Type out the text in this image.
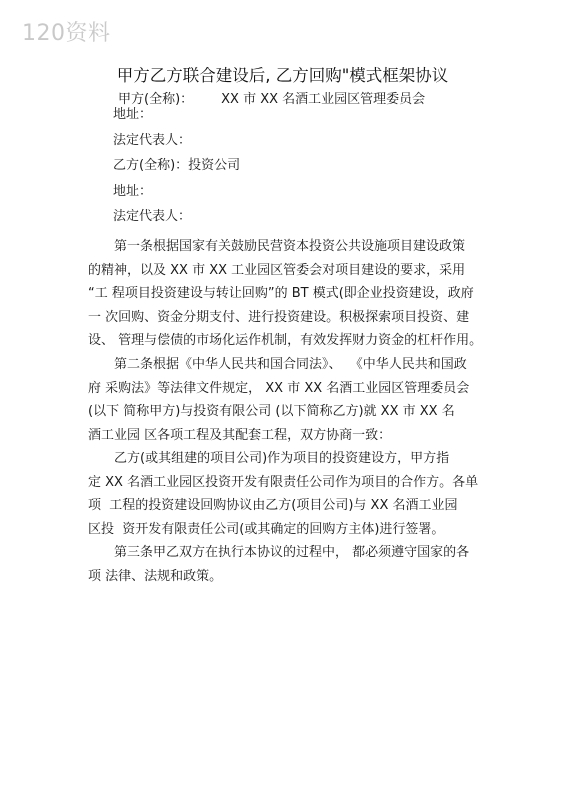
120资料
甲方乙方联合建设后, 乙方回购"模式框架协议
甲方(全称)： XX 市 XX 名酒工业园区管理委员会
地址：
法定代表人：
乙方(全称)：投资公司
地址：
法定代表人：
　　第一条根据国家有关鼓励民营资本投资公共设施项目建设政策
的精神，以及 XX 市 XX 工业园区管委会对项目建设的要求，采用
“工 程项目投资建设与转让回购”的 BT 模式(即企业投资建设，政府
一 次回购、资金分期支付、进行投资建设。积极探索项目投资、建
设、 管理与偿债的市场化运作机制，有效发挥财力资金的杠杆作用。
　　第二条根据《中华人民共和国合同法》、  《中华人民共和国政
府 采购法》等法律文件规定， XX 市 XX 名酒工业园区管理委员会
(以下 简称甲方)与投资有限公司 (以下简称乙方)就 XX 市 XX 名
酒工业园 区各项工程及其配套工程，双方协商一致：
　　乙方(或其组建的项目公司)作为项目的投资建设方，甲方指
定 XX 名酒工业园区投资开发有限责任公司作为项目的合作方。各单
项  工程的投资建设回购协议由乙方(项目公司)与 XX 名酒工业园
区投  资开发有限责任公司(或其确定的回购方主体)进行签署。
　　第三条甲乙双方在执行本协议的过程中， 都必须遵守国家的各
项 法律、法规和政策。
